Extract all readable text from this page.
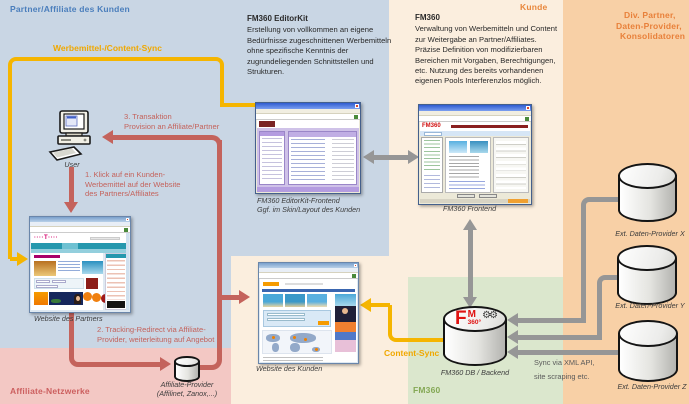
Partner/Affiliate des Kunden	Kunde
Div. Partner,
Daten-Provider,
Konsolidatoren
Affiliate-Netzwerke	FM360
FM360 EditorKit
Erstellung von vollkommen an eigene Bedürfnisse zugeschnittenen Werbemitteln ohne spezifische Kenntnis der zugrundeliegenden Schnittstellen und Strukturen.
FM360
Verwaltung von Werbemitteln und Content zur Weitergabe an Partner/Affiliates. Präzise Definition von modifizierbaren Bereichen mit Vorgaben, Berechtigungen, etc. Nutzung des bereits vorhandenen eigenen Pools Interferenzlos möglich.
Werbemittel-/Content-Sync
Content-Sync
1. Klick auf ein Kunden-
Werbemittel auf der Website
des Partners/Affiliates
2. Tracking-Redirect via Affiliate-
Provider, weiterleitung auf Angebot
3. Transaktion
Provision an Affiliate/Partner
Sync via XML API,
site scraping etc.
User
FM360 EditorKit-Frontend
Ggf. im Skin/Layout des Kunden
FM360
FM360 Frontend
····T····
Website des Partners
Website des Kunden
Affiliate-Provider
(Affilinet, Zanox,...)
F M
360°
⚙⚙
FM360 DB / Backend
Ext. Daten-Provider X
Ext. Daten-Provider Y
Ext. Daten-Provider Z
